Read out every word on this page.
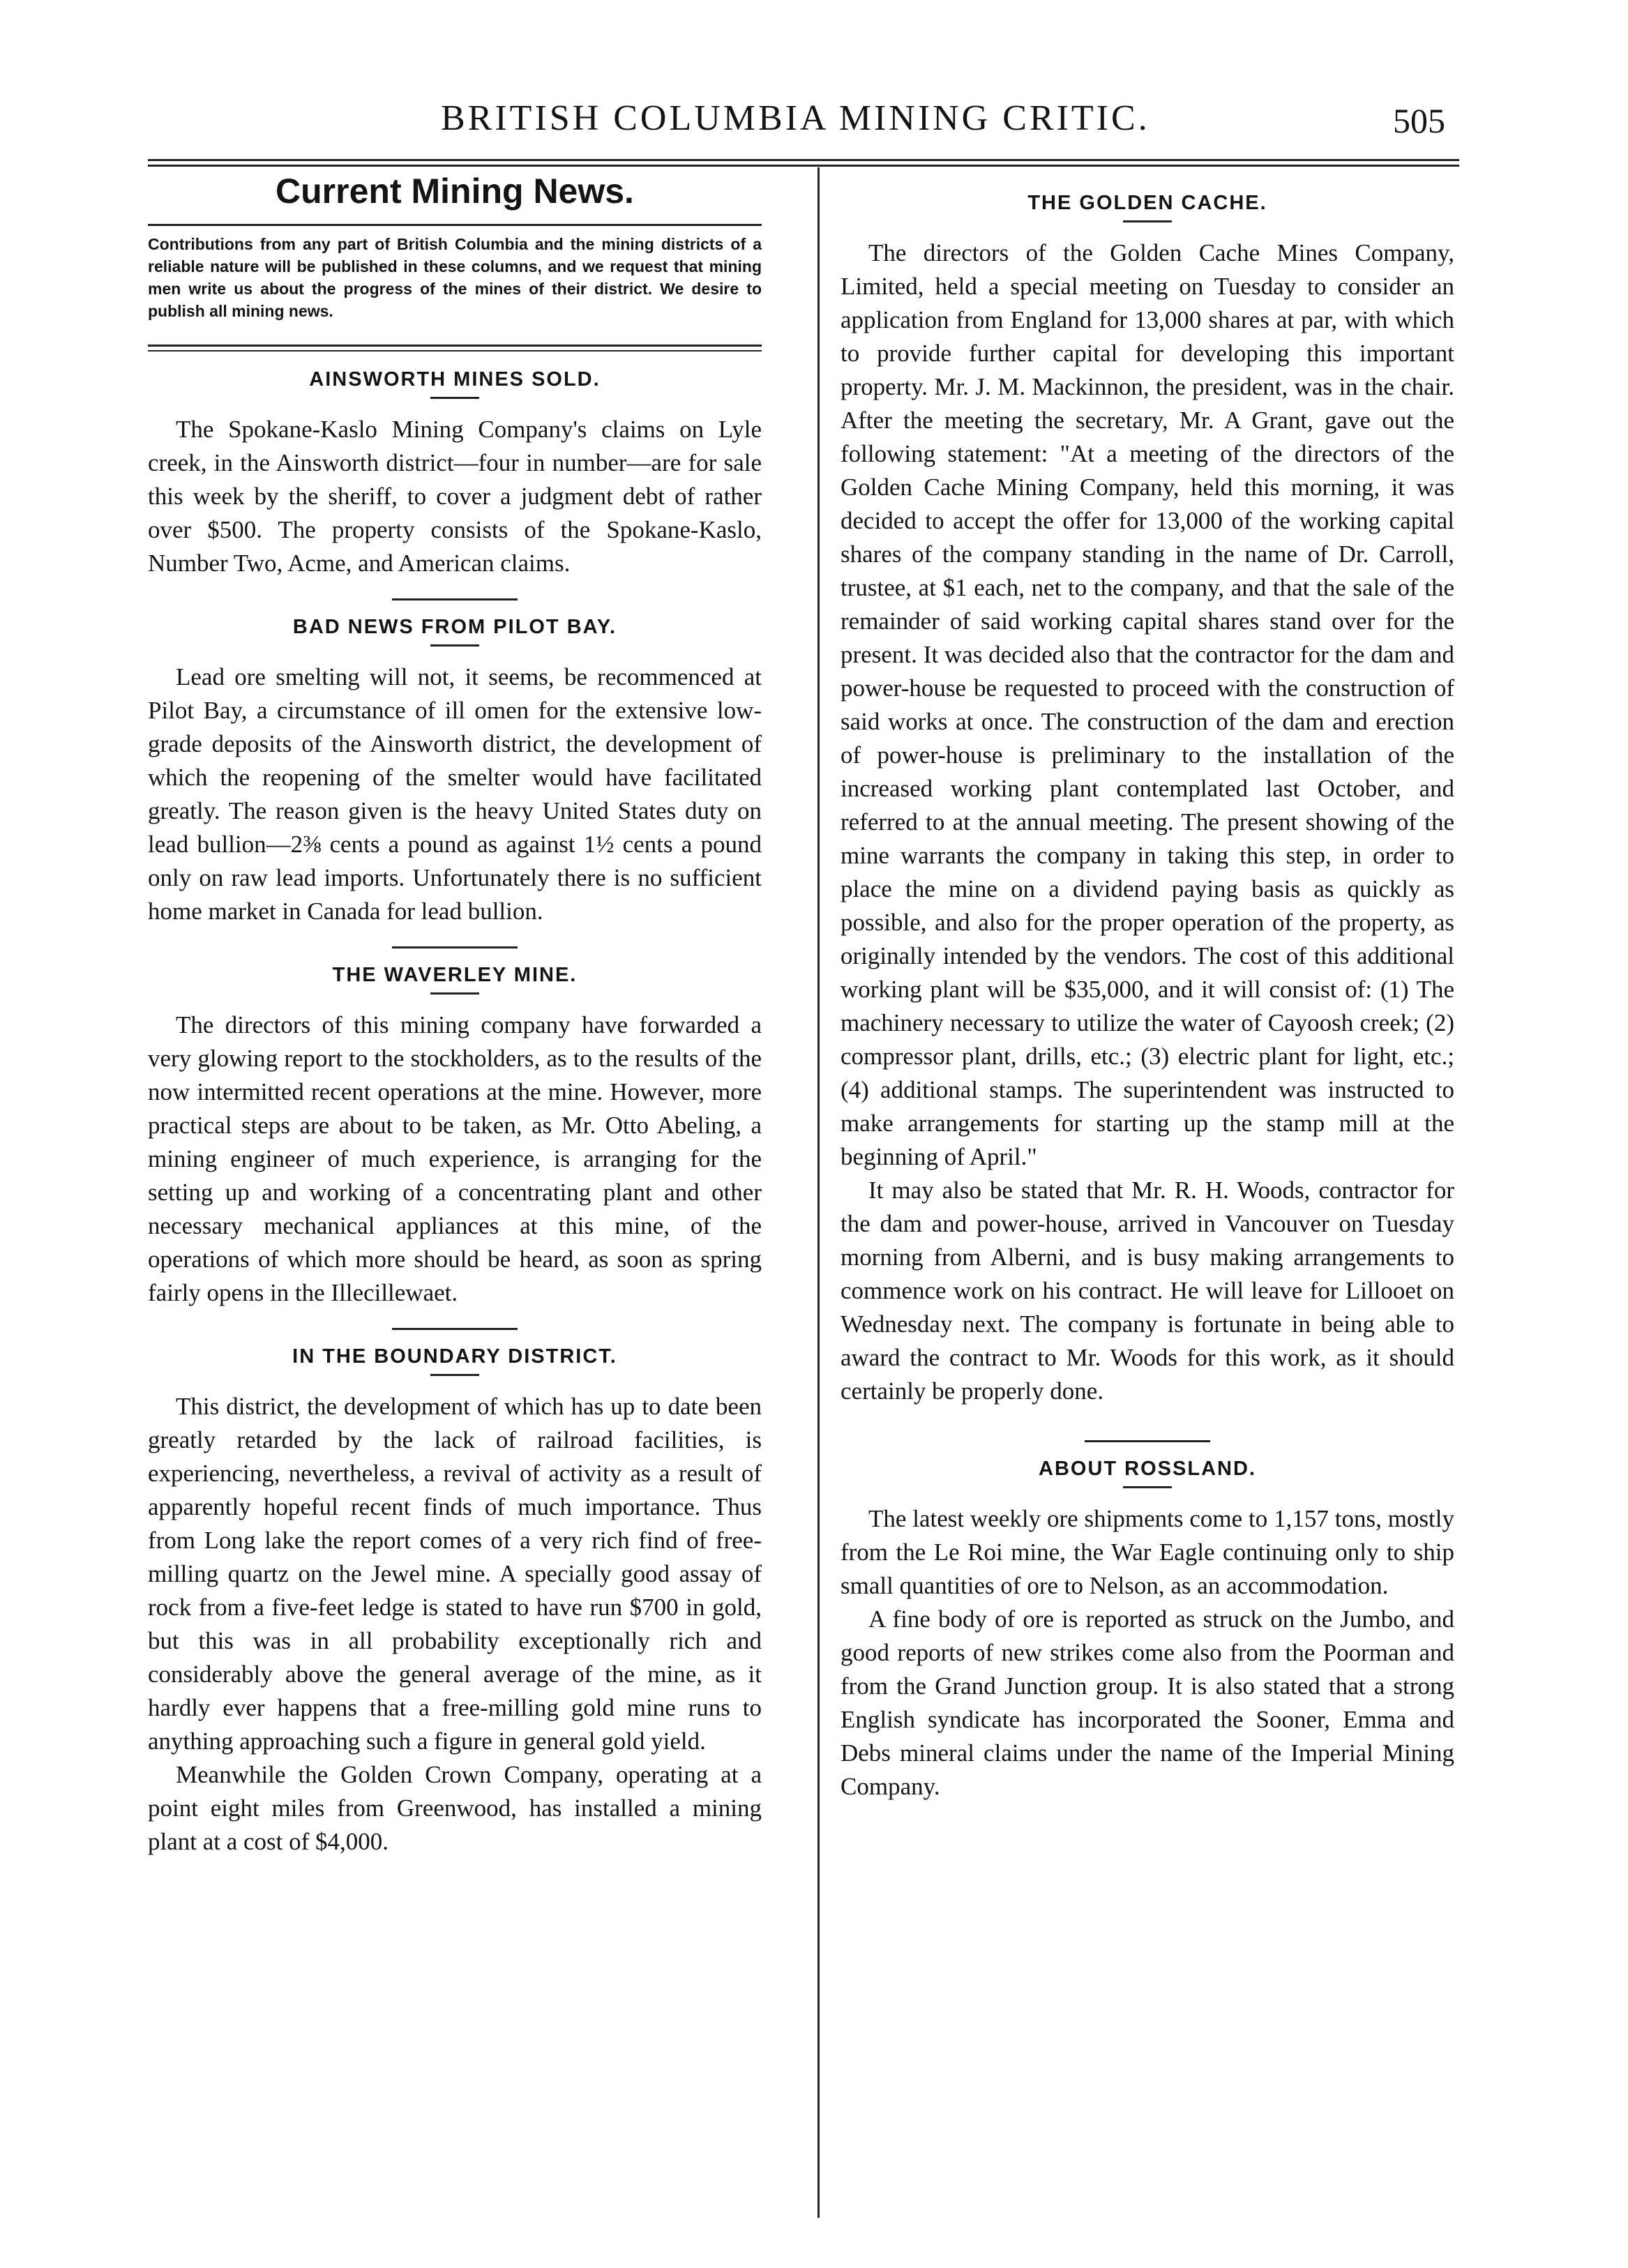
BRITISH COLUMBIA MINING CRITIC.	505
Current Mining News.
Contributions from any part of British Columbia and the mining districts of a reliable nature will be published in these columns, and we request that mining men write us about the progress of the mines of their district. We desire to publish all mining news.
AINSWORTH MINES SOLD.

The Spokane-Kaslo Mining Company's claims on Lyle creek, in the Ainsworth district—four in number—are for sale this week by the sheriff, to cover a judgment debt of rather over $500. The property consists of the Spokane-Kaslo, Number Two, Acme, and American claims.

BAD NEWS FROM PILOT BAY.

Lead ore smelting will not, it seems, be recommenced at Pilot Bay, a circumstance of ill omen for the extensive low-grade deposits of the Ainsworth district, the development of which the reopening of the smelter would have facilitated greatly. The reason given is the heavy United States duty on lead bullion—2⅜ cents a pound as against 1½ cents a pound only on raw lead imports. Unfortunately there is no sufficient home market in Canada for lead bullion.

THE WAVERLEY MINE.

The directors of this mining company have forwarded a very glowing report to the stockholders, as to the results of the now intermitted recent operations at the mine. However, more practical steps are about to be taken, as Mr. Otto Abeling, a mining engineer of much experience, is arranging for the setting up and working of a concentrating plant and other necessary mechanical appliances at this mine, of the operations of which more should be heard, as soon as spring fairly opens in the Illecillewaet.

IN THE BOUNDARY DISTRICT.

This district, the development of which has up to date been greatly retarded by the lack of railroad facilities, is experiencing, nevertheless, a revival of activity as a result of apparently hopeful recent finds of much importance. Thus from Long lake the report comes of a very rich find of free-milling quartz on the Jewel mine. A specially good assay of rock from a five-feet ledge is stated to have run $700 in gold, but this was in all probability exceptionally rich and considerably above the general average of the mine, as it hardly ever happens that a free-milling gold mine runs to anything approaching such a figure in general gold yield.

Meanwhile the Golden Crown Company, operating at a point eight miles from Greenwood, has installed a mining plant at a cost of $4,000.

THE GOLDEN CACHE.

The directors of the Golden Cache Mines Company, Limited, held a special meeting on Tuesday to consider an application from England for 13,000 shares at par, with which to provide further capital for developing this important property. Mr. J. M. Mackinnon, the president, was in the chair. After the meeting the secretary, Mr. A Grant, gave out the following statement: "At a meeting of the directors of the Golden Cache Mining Company, held this morning, it was decided to accept the offer for 13,000 of the working capital shares of the company standing in the name of Dr. Carroll, trustee, at $1 each, net to the company, and that the sale of the remainder of said working capital shares stand over for the present. It was decided also that the contractor for the dam and power-house be requested to proceed with the construction of said works at once. The construction of the dam and erection of power-house is preliminary to the installation of the increased working plant contemplated last October, and referred to at the annual meeting. The present showing of the mine warrants the company in taking this step, in order to place the mine on a dividend paying basis as quickly as possible, and also for the proper operation of the property, as originally intended by the vendors. The cost of this additional working plant will be $35,000, and it will consist of: (1) The machinery necessary to utilize the water of Cayoosh creek; (2) compressor plant, drills, etc.; (3) electric plant for light, etc.; (4) additional stamps. The superintendent was instructed to make arrangements for starting up the stamp mill at the beginning of April."

It may also be stated that Mr. R. H. Woods, contractor for the dam and power-house, arrived in Vancouver on Tuesday morning from Alberni, and is busy making arrangements to commence work on his contract. He will leave for Lillooet on Wednesday next. The company is fortunate in being able to award the contract to Mr. Woods for this work, as it should certainly be properly done.

ABOUT ROSSLAND.

The latest weekly ore shipments come to 1,157 tons, mostly from the Le Roi mine, the War Eagle continuing only to ship small quantities of ore to Nelson, as an accommodation.

A fine body of ore is reported as struck on the Jumbo, and good reports of new strikes come also from the Poorman and from the Grand Junction group. It is also stated that a strong English syndicate has incorporated the Sooner, Emma and Debs mineral claims under the name of the Imperial Mining Company.
